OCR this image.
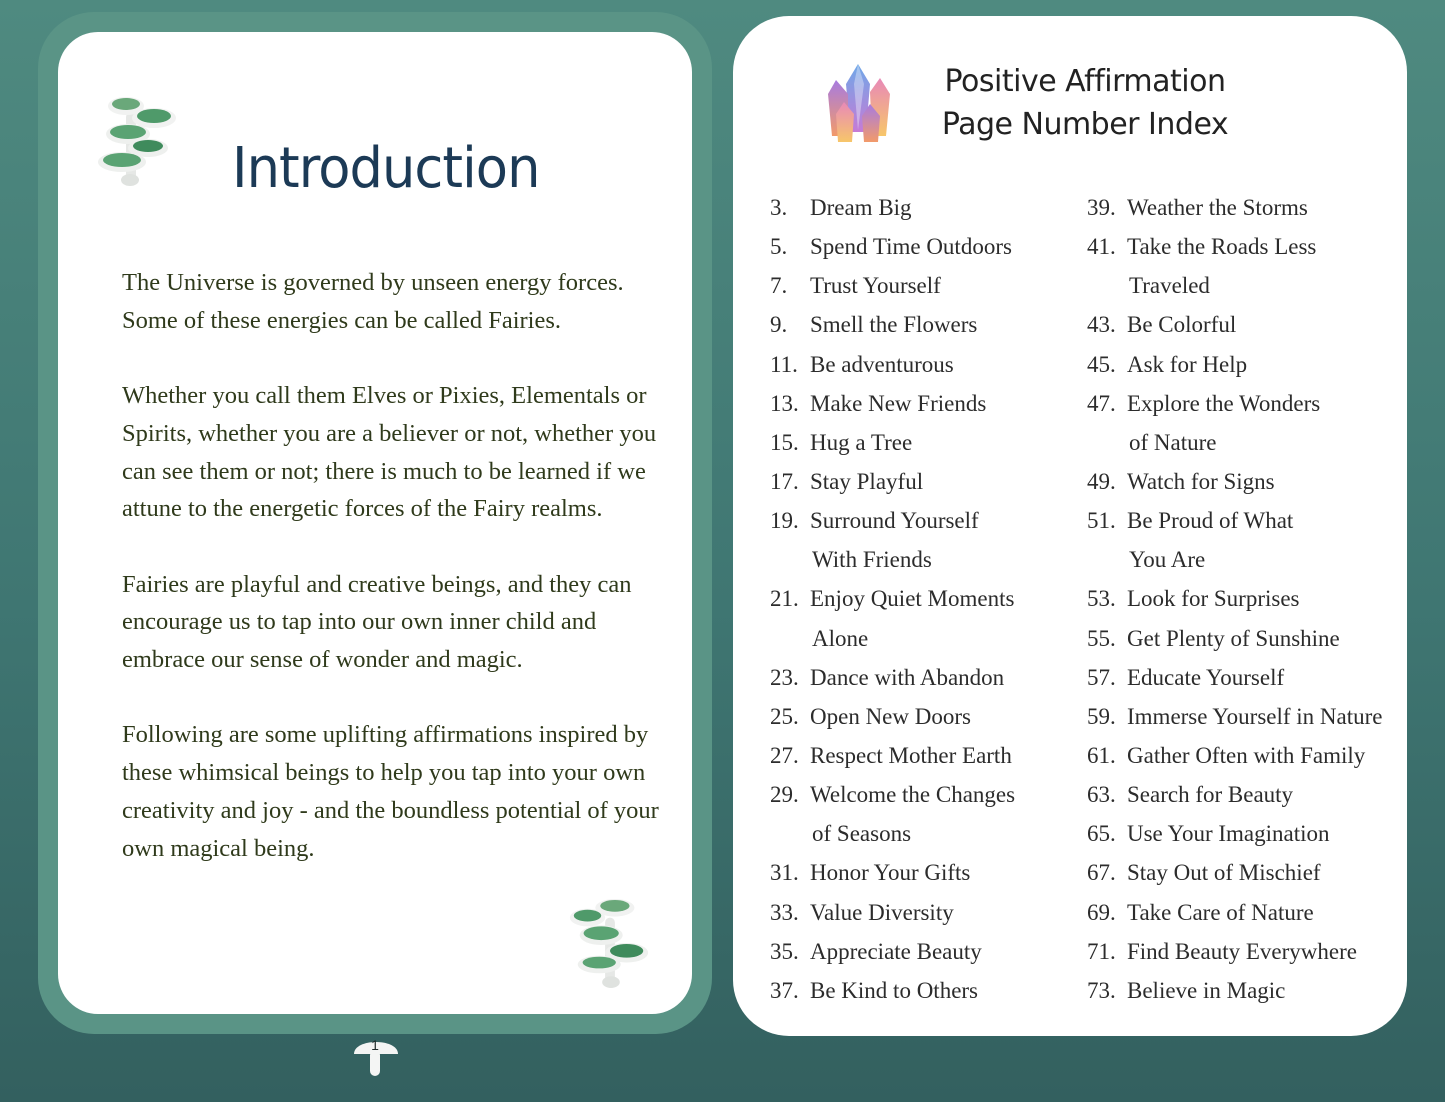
Introduction

The Universe is governed by unseen energy forces. Some of these energies can be called Fairies.

Whether you call them Elves or Pixies, Elementals or Spirits, whether you are a believer or not, whether you can see them or not; there is much to be learned if we attune to the energetic forces of the Fairy realms.

Fairies are playful and creative beings, and they can encourage us to tap into our own inner child and embrace our sense of wonder and magic.

Following are some uplifting affirmations inspired by these whimsical beings to help you tap into your own creativity and joy - and the boundless potential of your own magical being.

1
Positive Affirmation
Page Number Index
3. Dream Big
5. Spend Time Outdoors
7. Trust Yourself
9. Smell the Flowers
11. Be adventurous
13. Make New Friends
15. Hug a Tree
17. Stay Playful
19. Surround Yourself
With Friends
21. Enjoy Quiet Moments
Alone
23. Dance with Abandon
25. Open New Doors
27. Respect Mother Earth
29. Welcome the Changes
of Seasons
31. Honor Your Gifts
33. Value Diversity
35. Appreciate Beauty
37. Be Kind to Others
39. Weather the Storms
41. Take the Roads Less
Traveled
43. Be Colorful
45. Ask for Help
47. Explore the Wonders
of Nature
49. Watch for Signs
51. Be Proud of What
You Are
53. Look for Surprises
55. Get Plenty of Sunshine
57. Educate Yourself
59. Immerse Yourself in Nature
61. Gather Often with Family
63. Search for Beauty
65. Use Your Imagination
67. Stay Out of Mischief
69. Take Care of Nature
71. Find Beauty Everywhere
73. Believe in Magic
